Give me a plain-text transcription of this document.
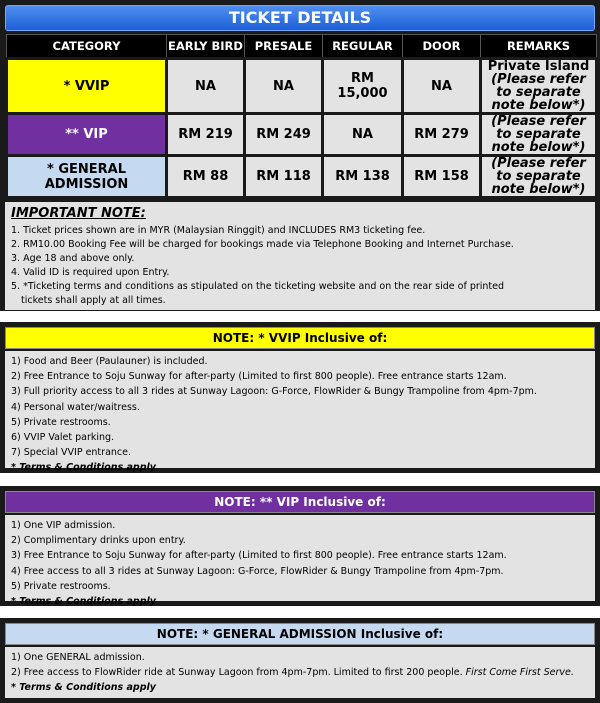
TICKET DETAILS
CATEGORY	EARLY BIRD	PRESALE	REGULAR	DOOR	REMARKS
* VVIP	NA	NA	RM 15,000	NA	Private Island
(Please refer to separate note below*)
** VIP	RM 219	RM 249	NA	RM 279	(Please refer to separate note below*)
* GENERAL ADMISSION	RM 88	RM 118	RM 138	RM 158	(Please refer to separate note below*)
IMPORTANT NOTE:
1. Ticket prices shown are in MYR (Malaysian Ringgit) and INCLUDES RM3 ticketing fee.
2. RM10.00 Booking Fee will be charged for bookings made via Telephone Booking and Internet Purchase.
3. Age 18 and above only.
4. Valid ID is required upon Entry.
5. *Ticketing terms and conditions as stipulated on the ticketing website and on the rear side of printed
tickets shall apply at all times.
NOTE: * VVIP Inclusive of:
1) Food and Beer (Paulauner) is included.
2) Free Entrance to Soju Sunway for after-party (Limited to first 800 people). Free entrance starts 12am.
3) Full priority access to all 3 rides at Sunway Lagoon: G-Force, FlowRider & Bungy Trampoline from 4pm-7pm.
4) Personal water/waitress.
5) Private restrooms.
6) VVIP Valet parking.
7) Special VVIP entrance.
* Terms & Conditions apply
NOTE: ** VIP Inclusive of:
1) One VIP admission.
2) Complimentary drinks upon entry.
3) Free Entrance to Soju Sunway for after-party (Limited to first 800 people). Free entrance starts 12am.
4) Free access to all 3 rides at Sunway Lagoon: G-Force, FlowRider & Bungy Trampoline from 4pm-7pm.
5) Private restrooms.
* Terms & Conditions apply
NOTE: * GENERAL ADMISSION Inclusive of:
1) One GENERAL admission.
2) Free access to FlowRider ride at Sunway Lagoon from 4pm-7pm. Limited to first 200 people. First Come First Serve.
* Terms & Conditions apply
